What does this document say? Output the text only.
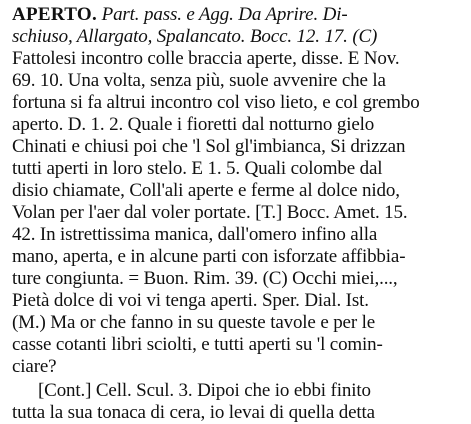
APERTO. Part. pass. e Agg. Da Aprire. Di-
schiuso, Allargato, Spalancato. Bocc. 12. 17. (C)
Fattolesi incontro colle braccia aperte, disse. E Nov.
69. 10. Una volta, senza più, suole avvenire che la
fortuna si fa altrui incontro col viso lieto, e col grembo
aperto. D. 1. 2. Quale i fioretti dal notturno gielo
Chinati e chiusi poi che 'l Sol gl'imbianca, Si drizzan
tutti aperti in loro stelo. E 1. 5. Quali colombe dal
disio chiamate, Coll'ali aperte e ferme al dolce nido,
Volan per l'aer dal voler portate. [T.] Bocc. Amet. 15.
42. In istrettissima manica, dall'omero infino alla
mano, aperta, e in alcune parti con isforzate affibbia-
ture congiunta. = Buon. Rim. 39. (C) Occhi miei,...,
Pietà dolce di voi vi tenga aperti. Sper. Dial. Ist.
(M.) Ma or che fanno in su queste tavole e per le
casse cotanti libri sciolti, e tutti aperti su 'l comin-
ciare?
[Cont.] Cell. Scul. 3. Dipoi che io ebbi finito
tutta la sua tonaca di cera, io levai di quella detta
